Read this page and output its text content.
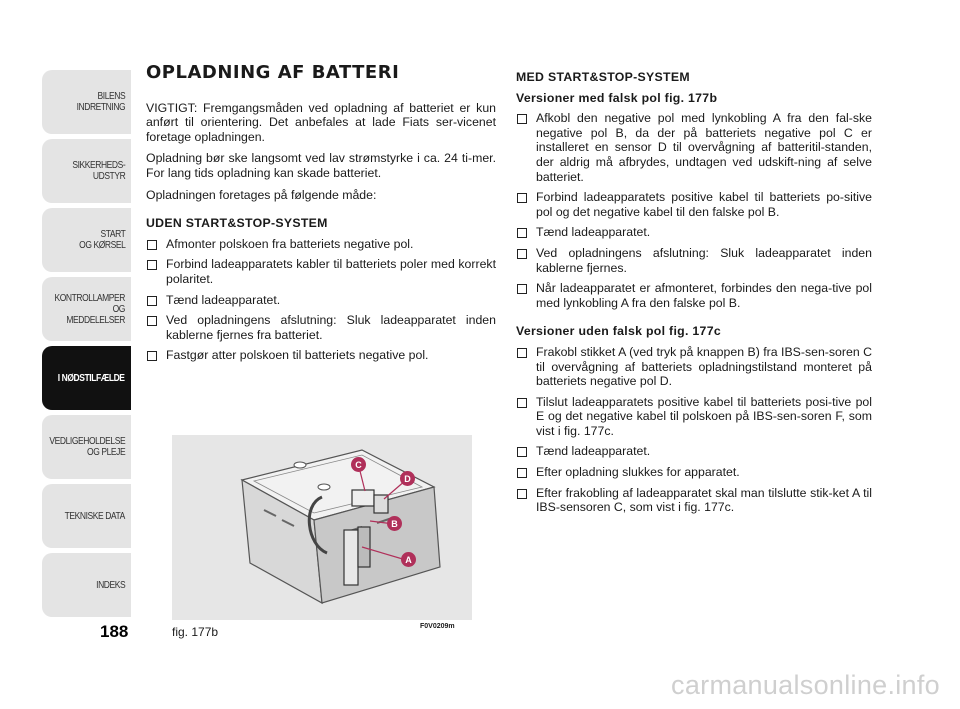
BILENS
INDRETNING
SIKKERHEDS-
UDSTYR
START
OG KØRSEL
KONTROLLAMPER
OG MEDDELELSER
I NØDSTILFÆLDE
VEDLIGEHOLDELSE
OG PLEJE
TEKNISKE DATA
INDEKS
188
OPLADNING AF BATTERI

VIGTIGT: Fremgangsmåden ved opladning af batteriet er kun anført til orientering. Det anbefales at lade Fiats ser-vicenet foretage opladningen.

Opladning bør ske langsomt ved lav strømstyrke i ca. 24 ti-mer. For lang tids opladning kan skade batteriet.

Opladningen foretages på følgende måde:

UDEN START&STOP-SYSTEM
Afmonter polskoen fra batteriets negative pol.
Forbind ladeapparatets kabler til batteriets poler med korrekt polaritet.
Tænd ladeapparatet.
Ved opladningens afslutning: Sluk ladeapparatet inden kablerne fjernes fra batteriet.
Fastgør atter polskoen til batteriets negative pol.
MED START&STOP-SYSTEM
Versioner med falsk pol fig. 177b
Afkobl den negative pol med lynkobling A fra den fal-ske negative pol B, da der på batteriets negative pol C er installeret en sensor D til overvågning af batteritil-standen, der aldrig må afbrydes, undtagen ved udskift-ning af selve batteriet.
Forbind ladeapparatets positive kabel til batteriets po-sitive pol og det negative kabel til den falske pol B.
Tænd ladeapparatet.
Ved opladningens afslutning: Sluk ladeapparatet inden kablerne fjernes.
Når ladeapparatet er afmonteret, forbindes den nega-tive pol med lynkobling A fra den falske pol B.
Versioner uden falsk pol fig. 177c
Frakobl stikket A (ved tryk på knappen B) fra IBS-sen-soren C til overvågning af batteriets opladningstilstand monteret på batteriets negative pol D.
Tilslut ladeapparatets positive kabel til batteriets posi-tive pol E og det negative kabel til polskoen på IBS-sen-soren F, som vist i fig. 177c.
Tænd ladeapparatet.
Efter opladning slukkes for apparatet.
Efter frakobling af ladeapparatet skal man tilslutte stik-ket A til IBS-sensoren C, som vist i fig. 177c.
C
D
B
A
fig. 177b	F0V0209m
carmanualsonline.info
